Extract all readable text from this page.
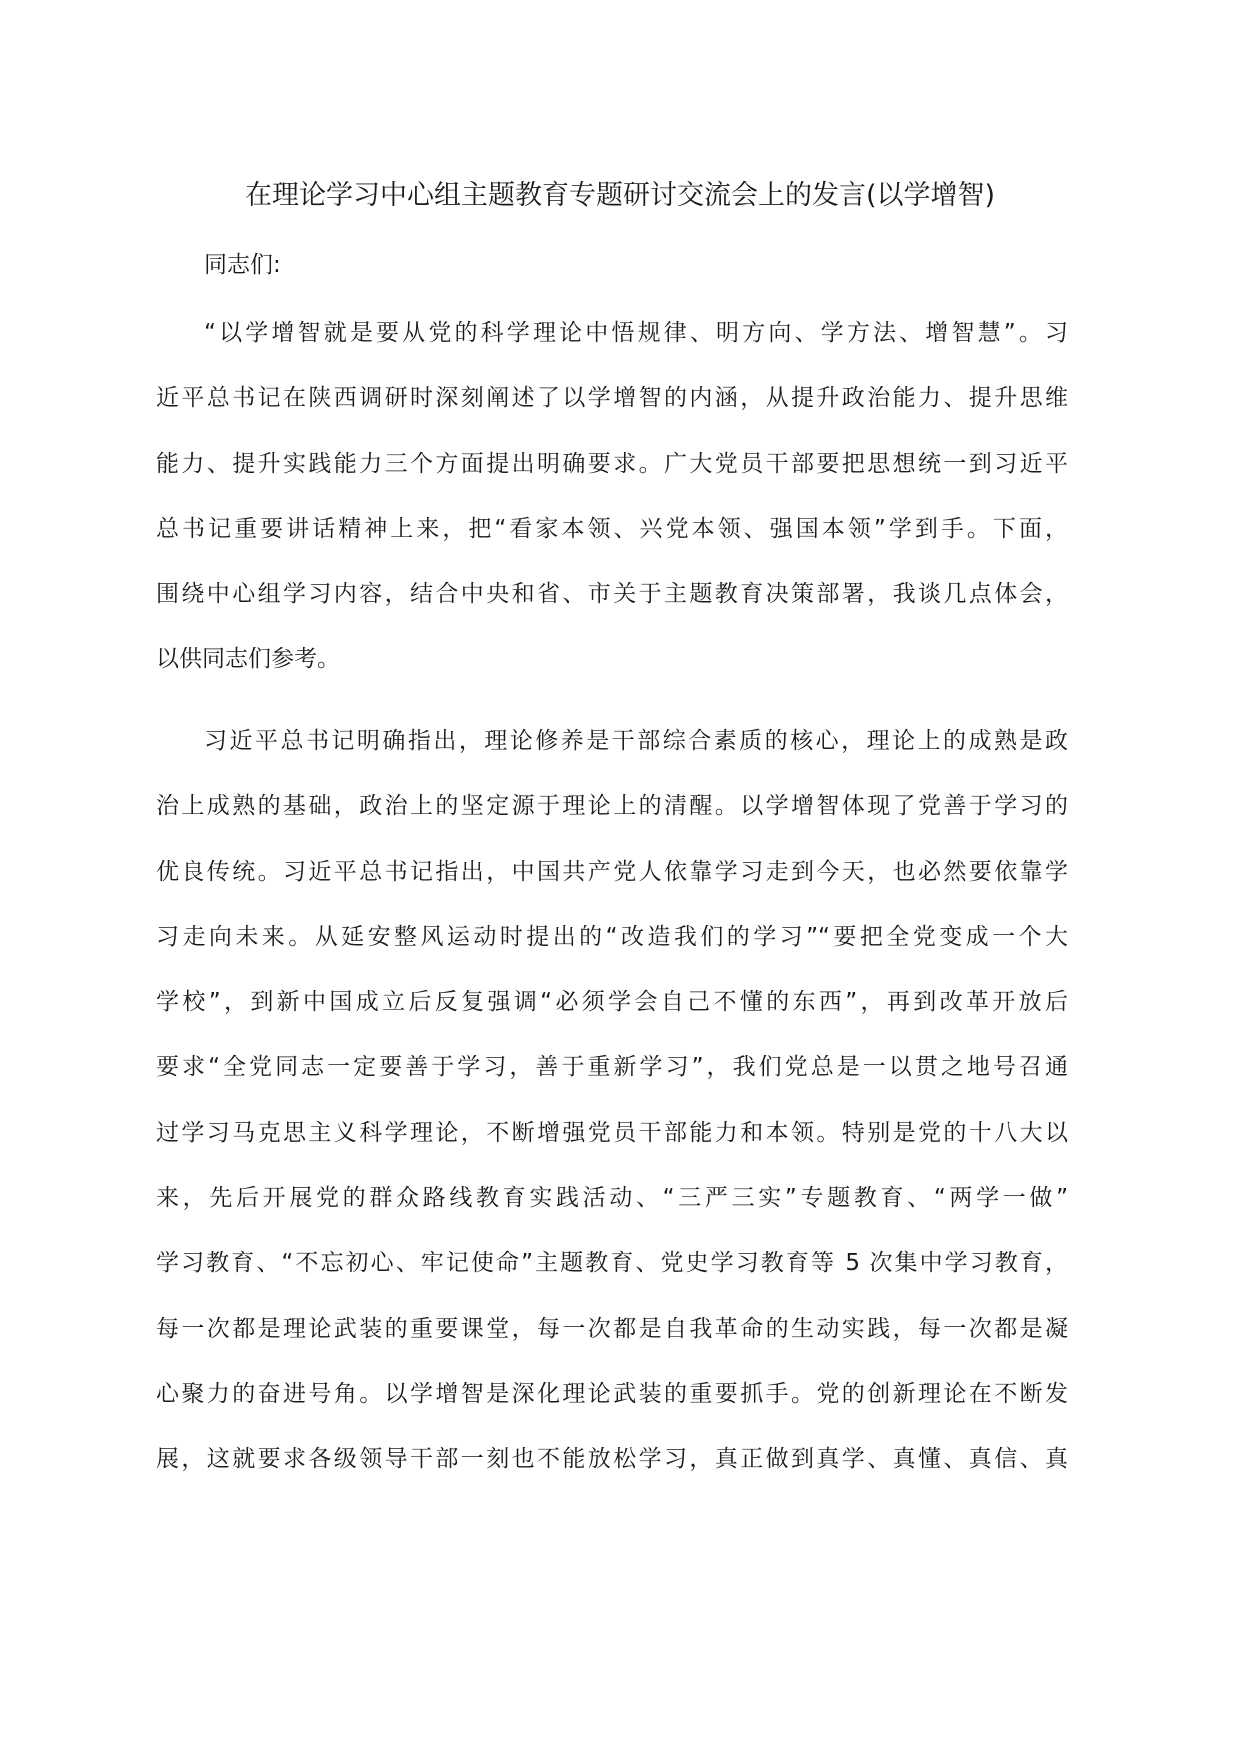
在理论学习中心组主题教育专题研讨交流会上的发言(以学增智)
同志们:
“以学增智就是要从党的科学理论中悟规律、明方向、学方法、增智慧”。习
近平总书记在陕西调研时深刻阐述了以学增智的内涵，从提升政治能力、提升思维
能力、提升实践能力三个方面提出明确要求。广大党员干部要把思想统一到习近平
总书记重要讲话精神上来，把“看家本领、兴党本领、强国本领”学到手。下面，
围绕中心组学习内容，结合中央和省、市关于主题教育决策部署，我谈几点体会，
以供同志们参考。
习近平总书记明确指出，理论修养是干部综合素质的核心，理论上的成熟是政
治上成熟的基础，政治上的坚定源于理论上的清醒。以学增智体现了党善于学习的
优良传统。习近平总书记指出，中国共产党人依靠学习走到今天，也必然要依靠学
习走向未来。从延安整风运动时提出的“改造我们的学习”“要把全党变成一个大
学校”，到新中国成立后反复强调“必须学会自己不懂的东西”，再到改革开放后
要求“全党同志一定要善于学习，善于重新学习”，我们党总是一以贯之地号召通
过学习马克思主义科学理论，不断增强党员干部能力和本领。特别是党的十八大以
来，先后开展党的群众路线教育实践活动、“三严三实”专题教育、“两学一做”
学习教育、“不忘初心、牢记使命”主题教育、党史学习教育等 5 次集中学习教育，
每一次都是理论武装的重要课堂，每一次都是自我革命的生动实践，每一次都是凝
心聚力的奋进号角。以学增智是深化理论武装的重要抓手。党的创新理论在不断发
展，这就要求各级领导干部一刻也不能放松学习，真正做到真学、真懂、真信、真
